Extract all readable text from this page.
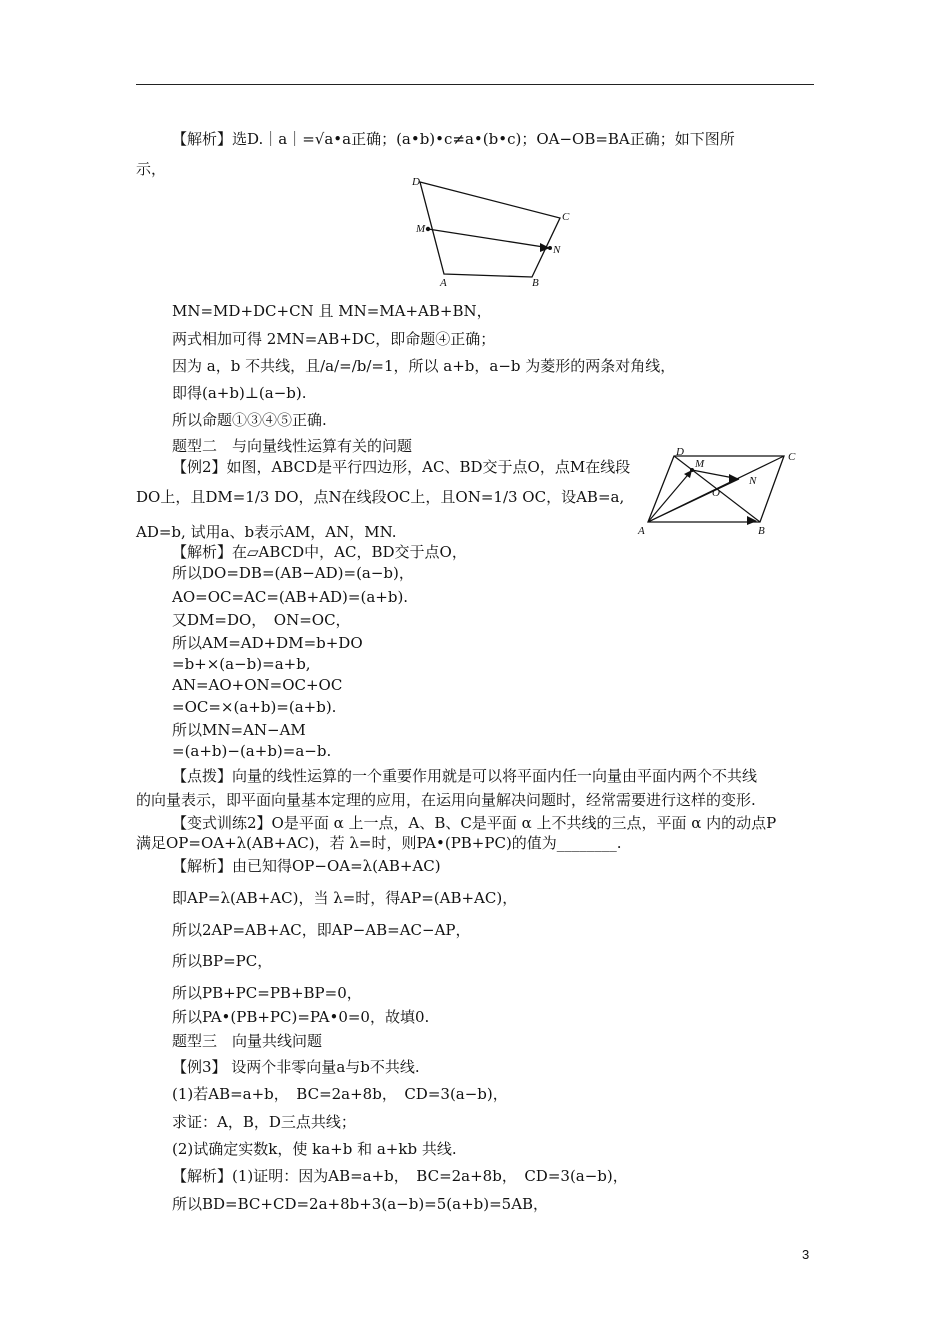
【解析】选D.｜a｜=√a•a正确；(a•b)•c≠a•(b•c)；OA−OB=BA正确；如下图所
示，
D
C
M
N
A	B
MN=MD+DC+CN 且 MN=MA+AB+BN，
两式相加可得 2MN=AB+DC，即命题④正确；
因为 a，b 不共线，且/a/=/b/=1，所以 a+b，a−b 为菱形的两条对角线，
即得(a+b)⊥(a−b).
所以命题①③④⑤正确.
题型二　与向量线性运算有关的问题
【例2】如图，ABCD是平行四边形，AC、BD交于点O，点M在线段
DO上，且DM=1/3 DO，点N在线段OC上，且ON=1/3 OC，设AB=a,
AD=b, 试用a、b表示AM，AN，MN.
D
M
C
O
N
A	B
【解析】在▱ABCD中，AC，BD交于点O，
所以DO=DB=(AB−AD)=(a−b)，
AO=OC=AC=(AB+AD)=(a+b).
又DM=DO，　ON=OC，
所以AM=AD+DM=b+DO
=b+×(a−b)=a+b,
AN=AO+ON=OC+OC
=OC=×(a+b)=(a+b).
所以MN=AN−AM
=(a+b)−(a+b)=a−b.
【点拨】向量的线性运算的一个重要作用就是可以将平面内任一向量由平面内两个不共线
的向量表示，即平面向量基本定理的应用，在运用向量解决问题时，经常需要进行这样的变形.
【变式训练2】O是平面 α 上一点，A、B、C是平面 α 上不共线的三点，平面 α 内的动点P
满足OP=OA+λ(AB+AC)，若 λ=时，则PA•(PB+PC)的值为________.
【解析】由已知得OP−OA=λ(AB+AC)
即AP=λ(AB+AC)，当 λ=时，得AP=(AB+AC)，
所以2AP=AB+AC，即AP−AB=AC−AP，
所以BP=PC，
所以PB+PC=PB+BP=0，
所以PA•(PB+PC)=PA•0=0，故填0.
题型三　向量共线问题
【例3】 设两个非零向量a与b不共线.
(1)若AB=a+b，　BC=2a+8b，　CD=3(a−b)，
求证：A，B，D三点共线；
(2)试确定实数k，使 ka+b 和 a+kb 共线.
【解析】(1)证明：因为AB=a+b，　BC=2a+8b，　CD=3(a−b)，
所以BD=BC+CD=2a+8b+3(a−b)=5(a+b)=5AB，
3
